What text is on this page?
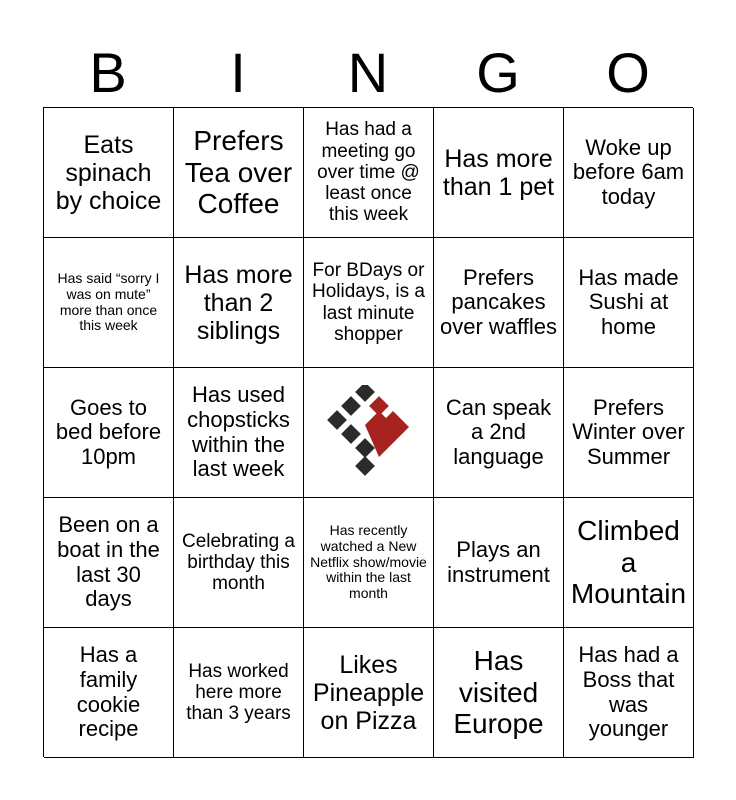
B	I	N	G	O
Eats spinach by choice
Prefers Tea over Coffee
Has had a meeting go over time @ least once this week
Has more than 1 pet
Woke up before 6am today
Has said “sorry I was on mute” more than once this week
Has more than 2 siblings
For BDays or Holidays, is a last minute shopper
Prefers pancakes over waffles
Has made Sushi at home
Goes to bed before 10pm
Has used chopsticks within the last week
Can speak a 2nd language
Prefers Winter over Summer
Been on a boat in the last 30 days
Celebrating a birthday this month
Has recently watched a New Netflix show/movie within the last month
Plays an instrument
Climbed a Mountain
Has a family cookie recipe
Has worked here more than 3 years
Likes Pineapple on Pizza
Has visited Europe
Has had a Boss that was younger
